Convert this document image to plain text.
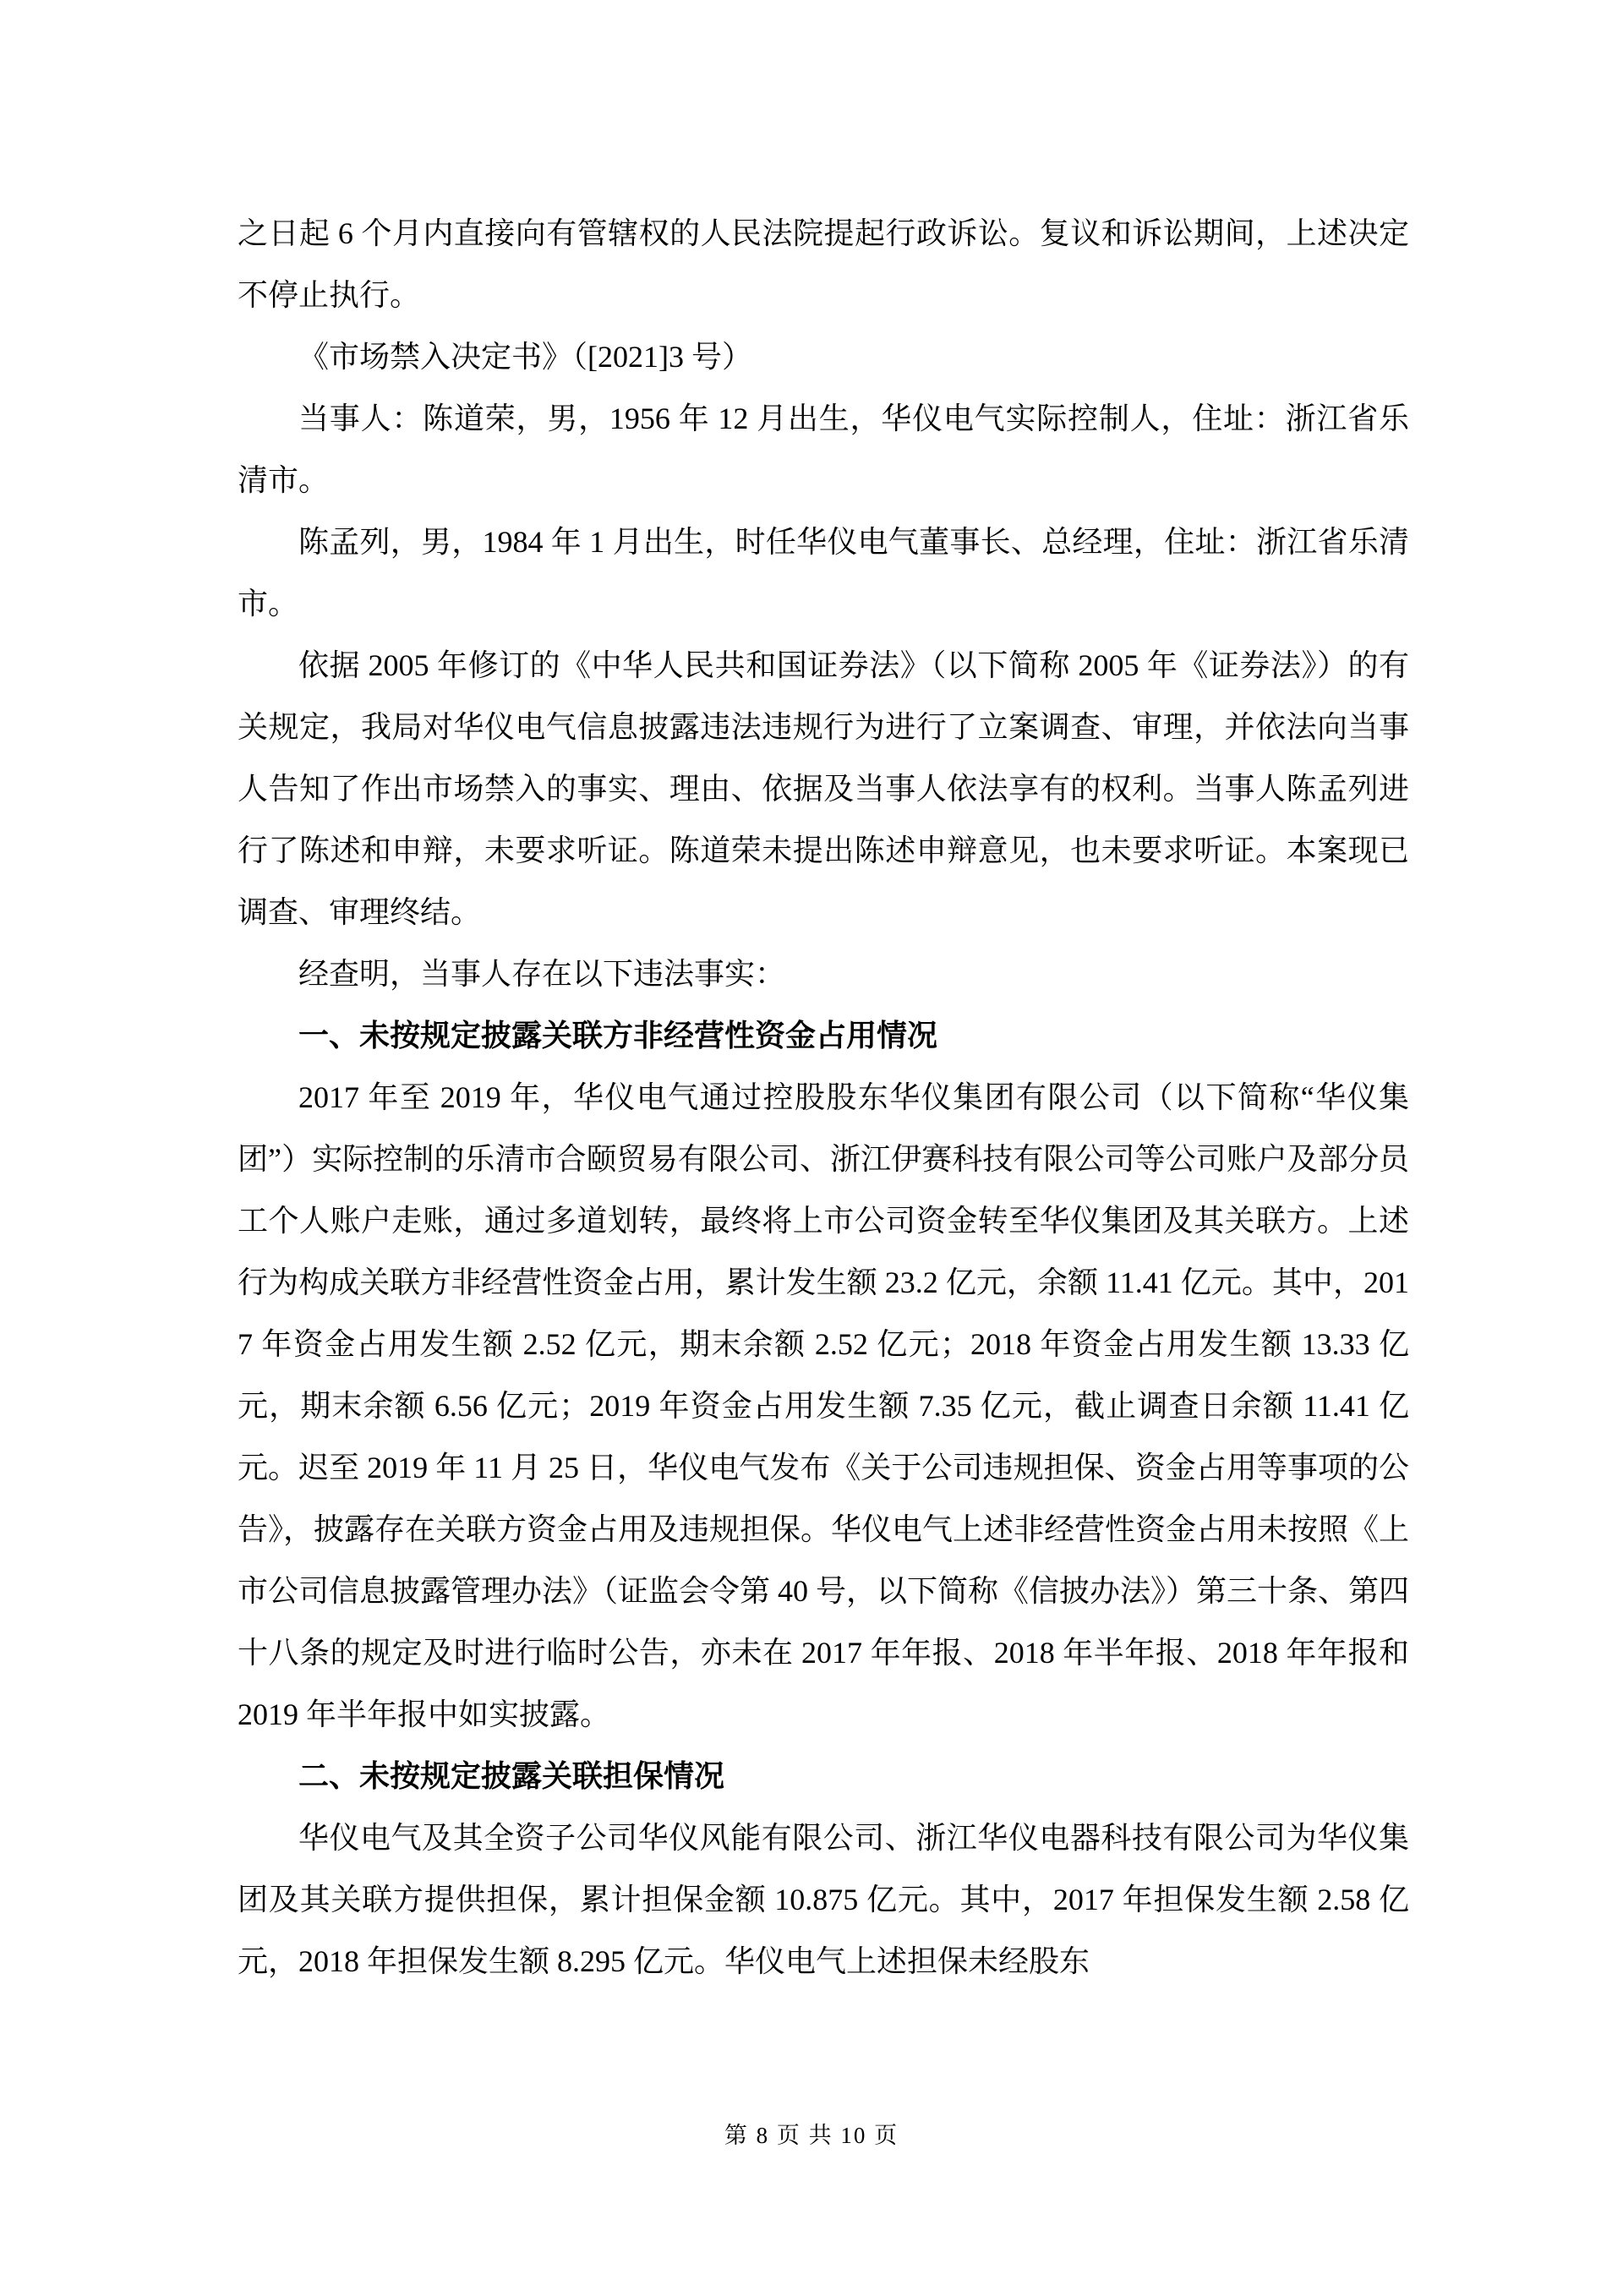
之日起 6 个月内直接向有管辖权的人民法院提起行政诉讼。复议和诉讼期间，上述决定不停止执行。

《市场禁入决定书》（[2021]3 号）

当事人：陈道荣，男，1956 年 12 月出生，华仪电气实际控制人，住址：浙江省乐清市。

陈孟列，男，1984 年 1 月出生，时任华仪电气董事长、总经理，住址：浙江省乐清市。

依据 2005 年修订的《中华人民共和国证券法》（以下简称 2005 年《证券法》）的有关规定，我局对华仪电气信息披露违法违规行为进行了立案调查、审理，并依法向当事人告知了作出市场禁入的事实、理由、依据及当事人依法享有的权利。当事人陈孟列进行了陈述和申辩，未要求听证。陈道荣未提出陈述申辩意见，也未要求听证。本案现已调查、审理终结。

经查明，当事人存在以下违法事实：

一、未按规定披露关联方非经营性资金占用情况

2017 年至 2019 年，华仪电气通过控股股东华仪集团有限公司（以下简称“华仪集团”）实际控制的乐清市合颐贸易有限公司、浙江伊赛科技有限公司等公司账户及部分员工个人账户走账，通过多道划转，最终将上市公司资金转至华仪集团及其关联方。上述行为构成关联方非经营性资金占用，累计发生额 23.2 亿元，余额 11.41 亿元。其中，2017 年资金占用发生额 2.52 亿元，期末余额 2.52 亿元；2018 年资金占用发生额 13.33 亿元，期末余额 6.56 亿元；2019 年资金占用发生额 7.35 亿元，截止调查日余额 11.41 亿元。迟至 2019 年 11 月 25 日，华仪电气发布《关于公司违规担保、资金占用等事项的公告》，披露存在关联方资金占用及违规担保。华仪电气上述非经营性资金占用未按照《上市公司信息披露管理办法》（证监会令第 40 号，以下简称《信披办法》）第三十条、第四十八条的规定及时进行临时公告，亦未在 2017 年年报、2018 年半年报、2018 年年报和 2019 年半年报中如实披露。

二、未按规定披露关联担保情况

华仪电气及其全资子公司华仪风能有限公司、浙江华仪电器科技有限公司为华仪集团及其关联方提供担保，累计担保金额 10.875 亿元。其中，2017 年担保发生额 2.58 亿元，2018 年担保发生额 8.295 亿元。华仪电气上述担保未经股东

第 8 页 共 10 页
